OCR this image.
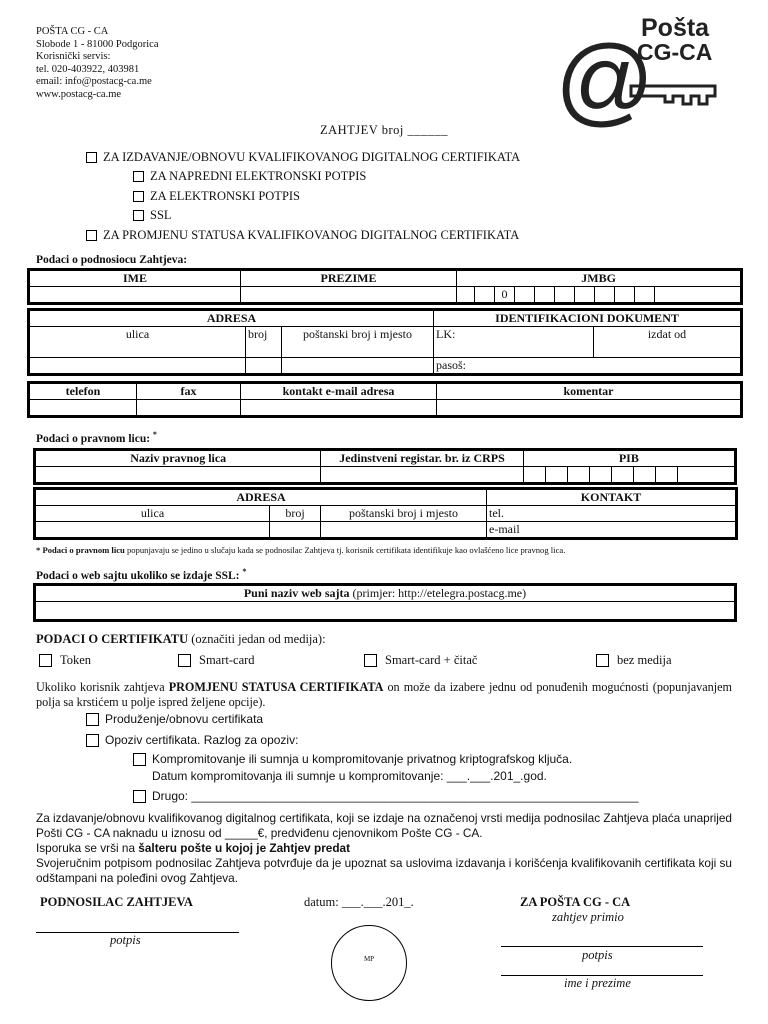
POŠTA CG - CA
Slobode 1 - 81000 Podgorica
Korisnički servis:
tel. 020-403922, 403981
email: info@postacg-ca.me
www.postacg-ca.me
Pošta
CG-CA
@
ZAHTJEV broj ______
ZA IZDAVANJE/OBNOVU KVALIFIKOVANOG DIGITALNOG CERTIFIKATA
ZA NAPREDNI ELEKTRONSKI POTPIS
ZA ELEKTRONSKI POTPIS
SSL
ZA PROMJENU STATUSA KVALIFIKOVANOG DIGITALNOG CERTIFIKATA
Podaci o podnosiocu Zahtjeva:
IME	PREZIME	JMBG										
				0								
ADRESA			IDENTIFIKACIONI DOKUMENT	
ulica	broj	poštanski broj i mjesto	LK:	izdat od
			pasoš:	
telefon	fax	kontakt e-mail adresa	komentar

Podaci o pravnom licu: *
Naziv pravnog lica	Jedinstveni registar. br. iz CRPS	PIB							

ADRESA			KONTAKT
ulica	broj	poštanski broj i mjesto	tel.
			e-mail
* Podaci o pravnom licu popunjavaju se jedino u slučaju kada se podnosilac Zahtjeva tj. korisnik certifikata identifikuje kao ovlašćeno lice pravnog lica.
Podaci o web sajtu ukoliko se izdaje SSL: *
Puni naziv web sajta (primjer: http://etelegra.postacg.me)

PODACI O CERTIFIKATU (označiti jedan od medija):
Token	Smart-card	Smart-card + čitač	bez medija
Ukoliko korisnik zahtjeva PROMJENU STATUSA CERTIFIKATA on može da izabere jednu od ponuđenih mogućnosti (popunjavanjem polja sa krstićem u polje ispred željene opcije).
Produženje/obnovu certifikata
Opoziv certifikata. Razlog za opoziv:
Kompromitovanje ili sumnja u kompromitovanje privatnog kriptografskog ključa.
Datum kompromitovanja ili sumnje u kompromitovanje: ___.___.201_.god.
Drugo: ___________________________________________________________________
Za izdavanje/obnovu kvalifikovanog digitalnog certifikata, koji se izdaje na označenoj vrsti medija podnosilac Zahtjeva plaća unaprijed Pošti CG - CA naknadu u iznosu od _____€, predviđenu cjenovnikom Pošte CG - CA.
Isporuka se vrši na šalteru pošte u kojoj je Zahtjev predat
Svojeručnim potpisom podnosilac Zahtjeva potvrđuje da je upoznat sa uslovima izdavanja i korišćenja kvalifikovanih certifikata koji su odštampani na poleđini ovog Zahtjeva.
PODNOSILAC ZAHTJEVA	datum: ___.___.201_.	ZA POŠTA CG - CA
zahtjev primio
potpis
MP	potpis
ime i prezime
